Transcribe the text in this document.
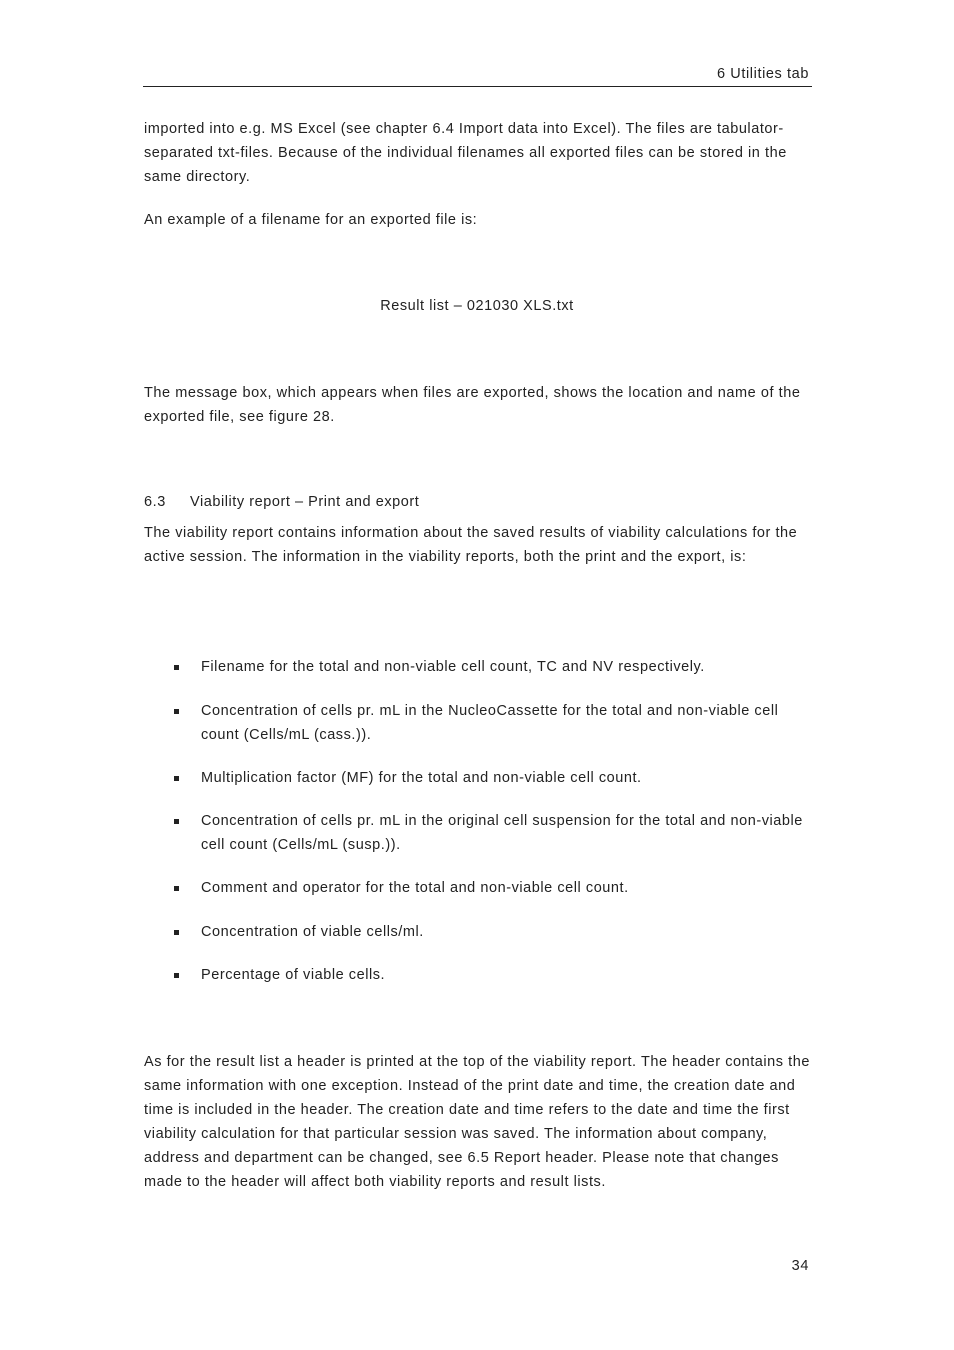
6 Utilities tab

imported into e.g. MS Excel (see chapter 6.4 Import data into Excel). The files are tabulator-separated txt-files. Because of the individual filenames all exported files can be stored in the same directory.

An example of a filename for an exported file is:

Result list – 021030 XLS.txt

The message box, which appears when files are exported, shows the location and name of the exported file, see figure 28.

6.3 Viability report – Print and export

The viability report contains information about the saved results of viability calculations for the active session. The information in the viability reports, both the print and the export, is:

Filename for the total and non-viable cell count, TC and NV respectively.
Concentration of cells pr. mL in the NucleoCassette for the total and non-viable cell count (Cells/mL (cass.)).
Multiplication factor (MF) for the total and non-viable cell count.
Concentration of cells pr. mL in the original cell suspension for the total and non-viable cell count (Cells/mL (susp.)).
Comment and operator for the total and non-viable cell count.
Concentration of viable cells/ml.
Percentage of viable cells.

As for the result list a header is printed at the top of the viability report. The header contains the same information with one exception. Instead of the print date and time, the creation date and time is included in the header. The creation date and time refers to the date and time the first viability calculation for that particular session was saved. The information about company, address and department can be changed, see 6.5 Report header. Please note that changes made to the header will affect both viability reports and result lists.

34
